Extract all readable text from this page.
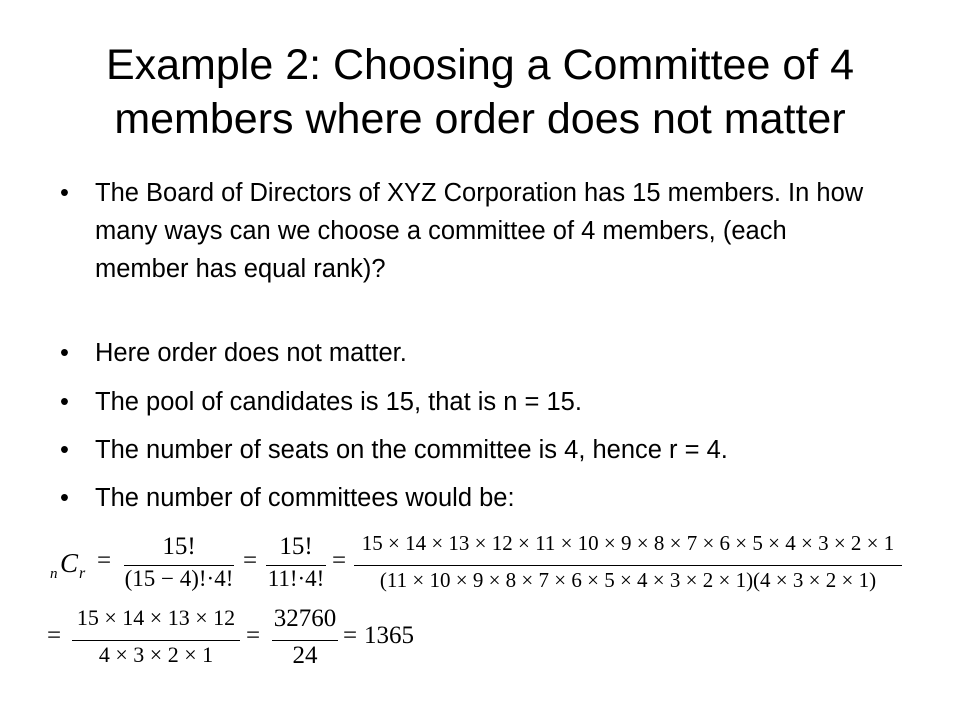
Example 2: Choosing a Committee of 4
members where order does not matter
• The Board of Directors of XYZ Corporation has 15 members. In how many ways can we choose a committee of 4 members, (each member has equal rank)?
• Here order does not matter.
• The pool of candidates is 15, that is n = 15.
• The number of seats on the committee is 4, hence r = 4.
• The number of committees would be:
n C r =
15!
(15 − 4)!·4!
=
15!
11!·4!
=
15 × 14 × 13 × 12 × 11 × 10 × 9 × 8 × 7 × 6 × 5 × 4 × 3 × 2 × 1
(11 × 10 × 9 × 8 × 7 × 6 × 5 × 4 × 3 × 2 × 1)(4 × 3 × 2 × 1)
=
15 × 14 × 13 × 12
4 × 3 × 2 × 1
=
32760
24
= 1365
